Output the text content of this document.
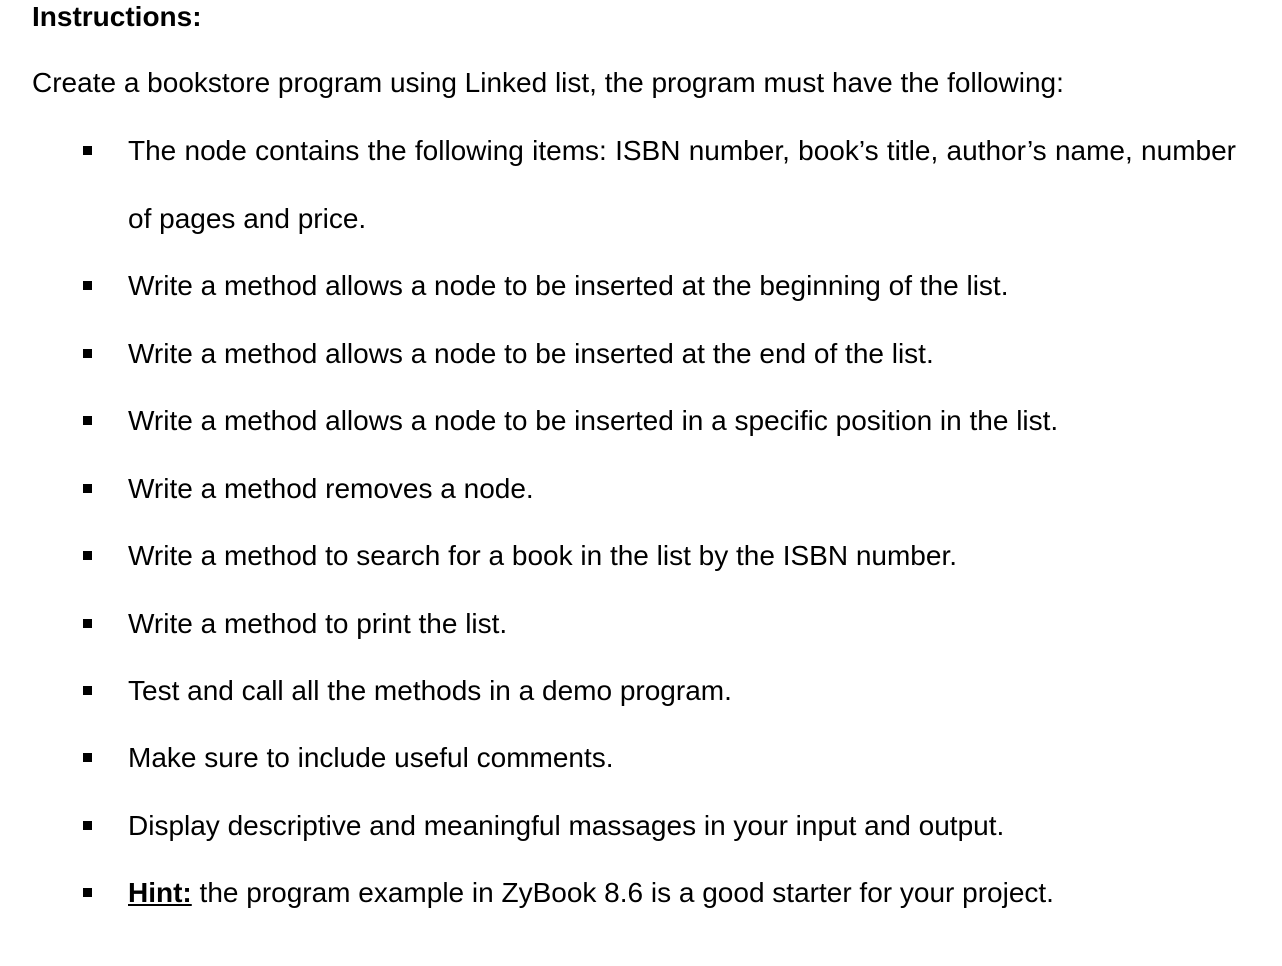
Instructions:
Create a bookstore program using Linked list, the program must have the following:
The node contains the following items: ISBN number, book’s title, author’s name, number of pages and price.
Write a method allows a node to be inserted at the beginning of the list.
Write a method allows a node to be inserted at the end of the list.
Write a method allows a node to be inserted in a specific position in the list.
Write a method removes a node.
Write a method to search for a book in the list by the ISBN number.
Write a method to print the list.
Test and call all the methods in a demo program.
Make sure to include useful comments.
Display descriptive and meaningful massages in your input and output.
Hint: the program example in ZyBook 8.6 is a good starter for your project.
